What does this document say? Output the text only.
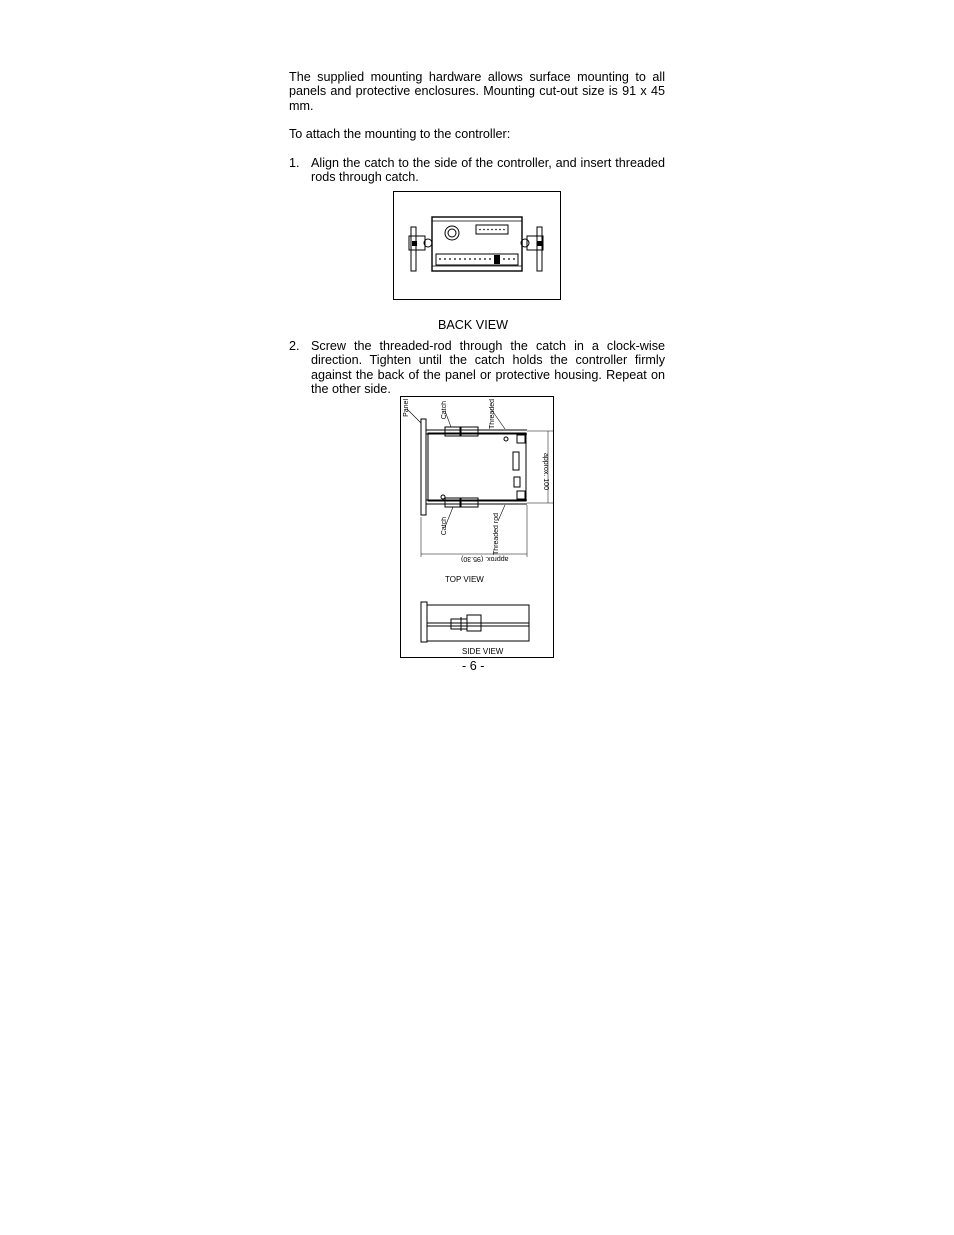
The supplied mounting hardware allows surface mounting to all panels and protective enclosures. Mounting cut-out size is 91 x 45 mm.

To attach the mounting to the controller:

1. Align the catch to the side of the controller, and insert threaded rods through catch.
BACK VIEW
2. Screw the threaded-rod through the catch in a clock-wise direction. Tighten until the catch holds the controller firmly against the back of the panel or protective housing. Repeat on the other side.
Panel	Catch	Threaded
Catch	Threaded rod
approx. (95.30)
approx. 100
TOP VIEW
SIDE VIEW
- 6 -
